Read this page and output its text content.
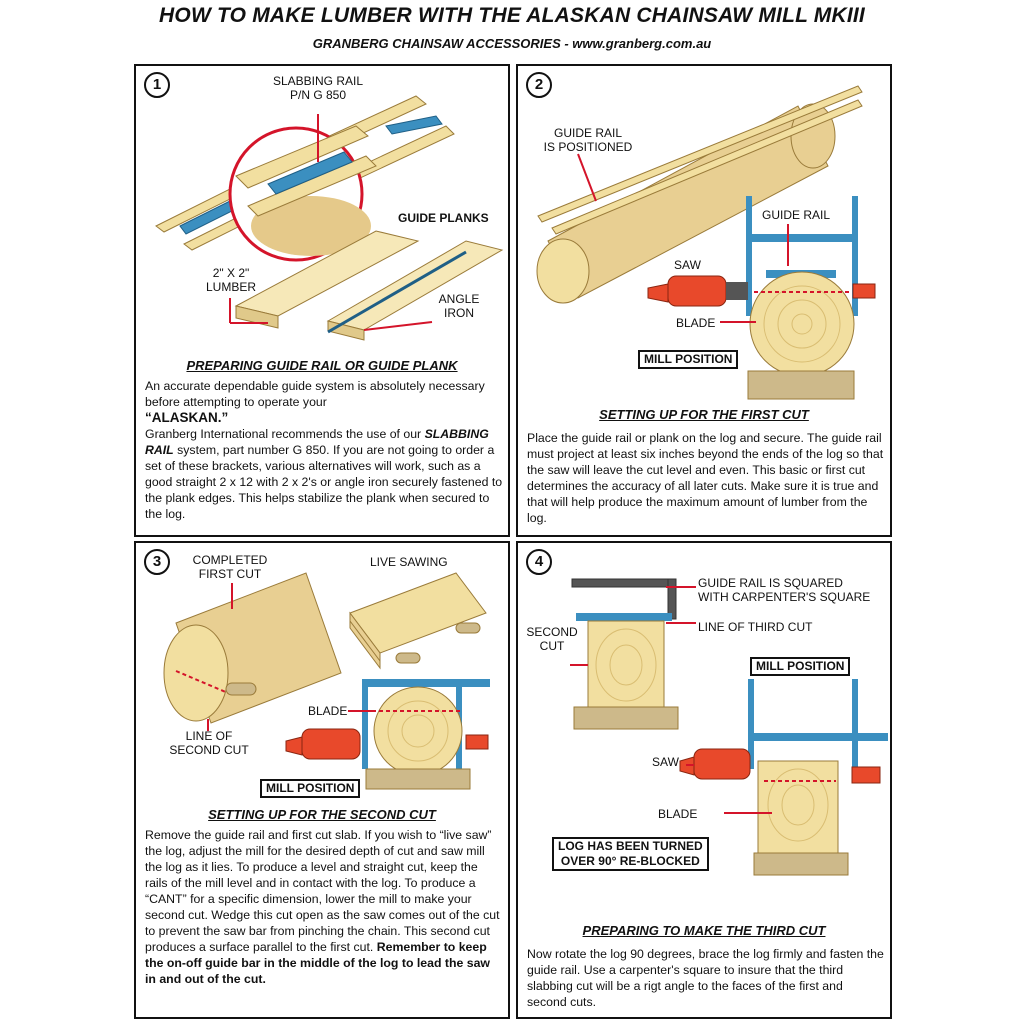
HOW TO MAKE LUMBER WITH THE ALASKAN CHAINSAW MILL MKIII
GRANBERG CHAINSAW ACCESSORIES - www.granberg.com.au
1	SLABBING RAIL
P/N G 850
GUIDE PLANKS
2" X 2"
LUMBER
ANGLE
IRON
PREPARING GUIDE RAIL OR GUIDE PLANK

An accurate dependable guide system is absolutely necessary before attempting to operate your

“ALASKAN.”

Granberg International recommends the use of our SLABBING RAIL system, part number G 850. If you are not going to order a set of these brackets, various alternatives will work, such as a good straight 2 x 12 with 2 x 2's or angle iron securely fastened to the plank edges. This helps stabilize the plank when secured to the log.

2
GUIDE RAIL
IS POSITIONED
GUIDE RAIL
SAW
BLADE
MILL POSITION
SETTING UP FOR THE FIRST CUT
Place the guide rail or plank on the log and secure. The guide rail must project at least six inches beyond the ends of the log so that the saw will leave the cut level and even. This basic or first cut determines the accuracy of all later cuts. Make sure it is true and that will help produce the maximum amount of lumber from the log.
3	COMPLETED
FIRST CUT
LIVE SAWING
LINE OF
SECOND CUT
BLADE
MILL POSITION
SETTING UP FOR THE SECOND CUT
Remove the guide rail and first cut slab. If you wish to “live saw” the log, adjust the mill for the desired depth of cut and saw mill the log as it lies. To produce a level and straight cut, keep the rails of the mill level and in contact with the log. To produce a “CANT” for a specific dimension, lower the mill to make your second cut. Wedge this cut open as the saw comes out of the cut to prevent the saw bar from pinching the chain. This second cut produces a surface parallel to the first cut. Remember to keep the on-off guide bar in the middle of the log to lead the saw in and out of the cut.
4
GUIDE RAIL IS SQUARED
WITH CARPENTER'S SQUARE
SECOND
CUT
LINE OF THIRD CUT
MILL POSITION
SAW
BLADE
LOG HAS BEEN TURNED
OVER 90° RE-BLOCKED
PREPARING TO MAKE THE THIRD CUT
Now rotate the log 90 degrees, brace the log firmly and fasten the guide rail. Use a carpenter's square to insure that the third slabbing cut will be a rigt angle to the faces of the first and second cuts.
